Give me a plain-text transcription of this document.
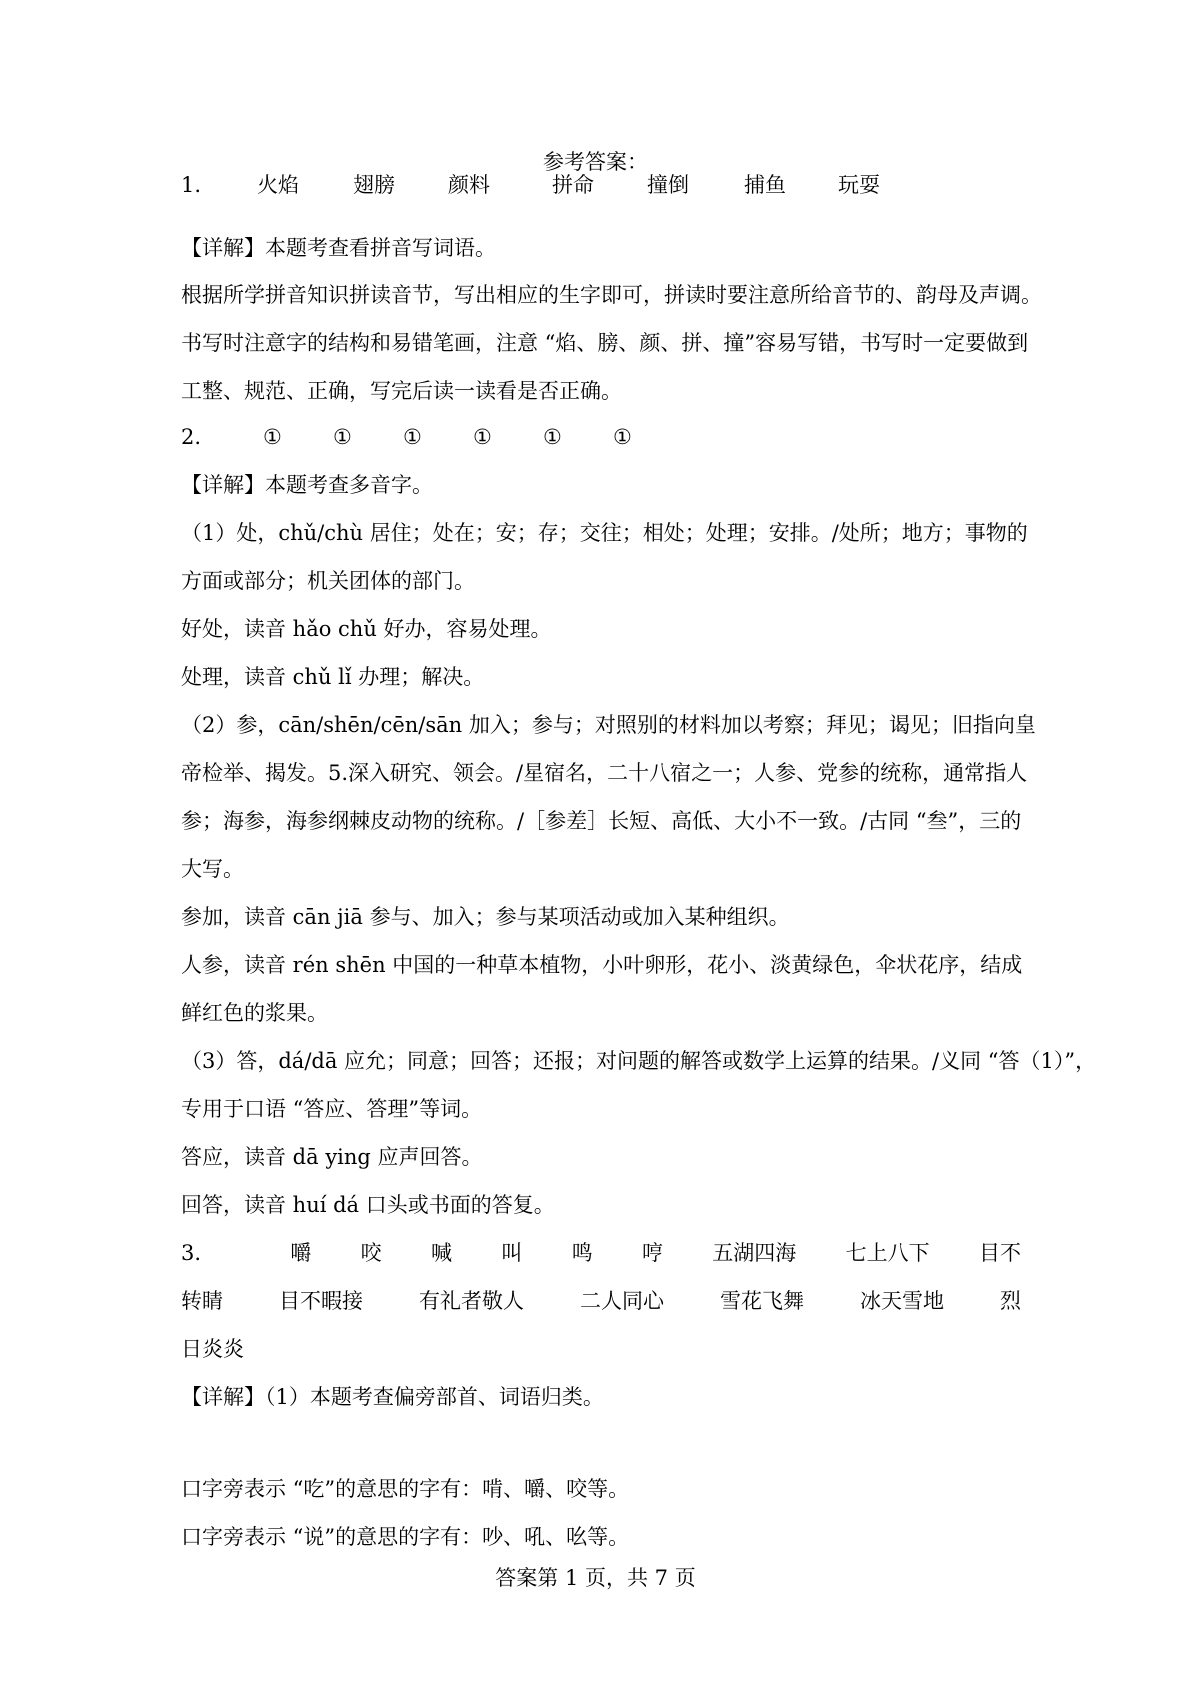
参考答案：
1.	火焰	翅膀	颜料	拼命	撞倒	捕鱼 玩耍
【详解】本题考查看拼音写词语。
根据所学拼音知识拼读音节，写出相应的生字即可，拼读时要注意所给音节的、韵母及声调。
书写时注意字的结构和易错笔画，注意 “焰、膀、颜、拼、撞”容易写错，书写时一定要做到
工整、规范、正确，写完后读一读看是否正确。
2.	① ① ① ① ① ①
【详解】本题考查多音字。
（1）处，chǔ/chù 居住；处在；安；存；交往；相处；处理；安排。/处所；地方；事物的
方面或部分；机关团体的部门。
好处，读音 hǎo chǔ 好办，容易处理。
处理，读音 chǔ lǐ 办理；解决。
（2）参，cān/shēn/cēn/sān 加入；参与；对照别的材料加以考察；拜见；谒见；旧指向皇
帝检举、揭发。5.深入研究、领会。/星宿名，二十八宿之一；人参、党参的统称，通常指人
参；海参，海参纲棘皮动物的统称。/［参差］长短、高低、大小不一致。/古同 “叁”，三的
大写。
参加，读音 cān jiā 参与、加入；参与某项活动或加入某种组织。
人参，读音 rén shēn 中国的一种草本植物，小叶卵形，花小、淡黄绿色，伞状花序，结成
鲜红色的浆果。
（3）答，dá/dā 应允；同意；回答；还报；对问题的解答或数学上运算的结果。/义同 “答（1）”，
专用于口语 “答应、答理”等词。
答应，读音 dā ying 应声回答。
回答，读音 huí dá 口头或书面的答复。
3.	嚼 咬 喊 叫 鸣 哼 五湖四海 七上八下 目不
转睛	目不暇接	有礼者敬人	二人同心	雪花飞舞	冰天雪地	烈
日炎炎
【详解】（1）本题考查偏旁部首、词语归类。
口字旁表示 “吃”的意思的字有：啃、嚼、咬等。
口字旁表示 “说”的意思的字有：吵、吼、吆等。
答案第 1 页，共 7 页
